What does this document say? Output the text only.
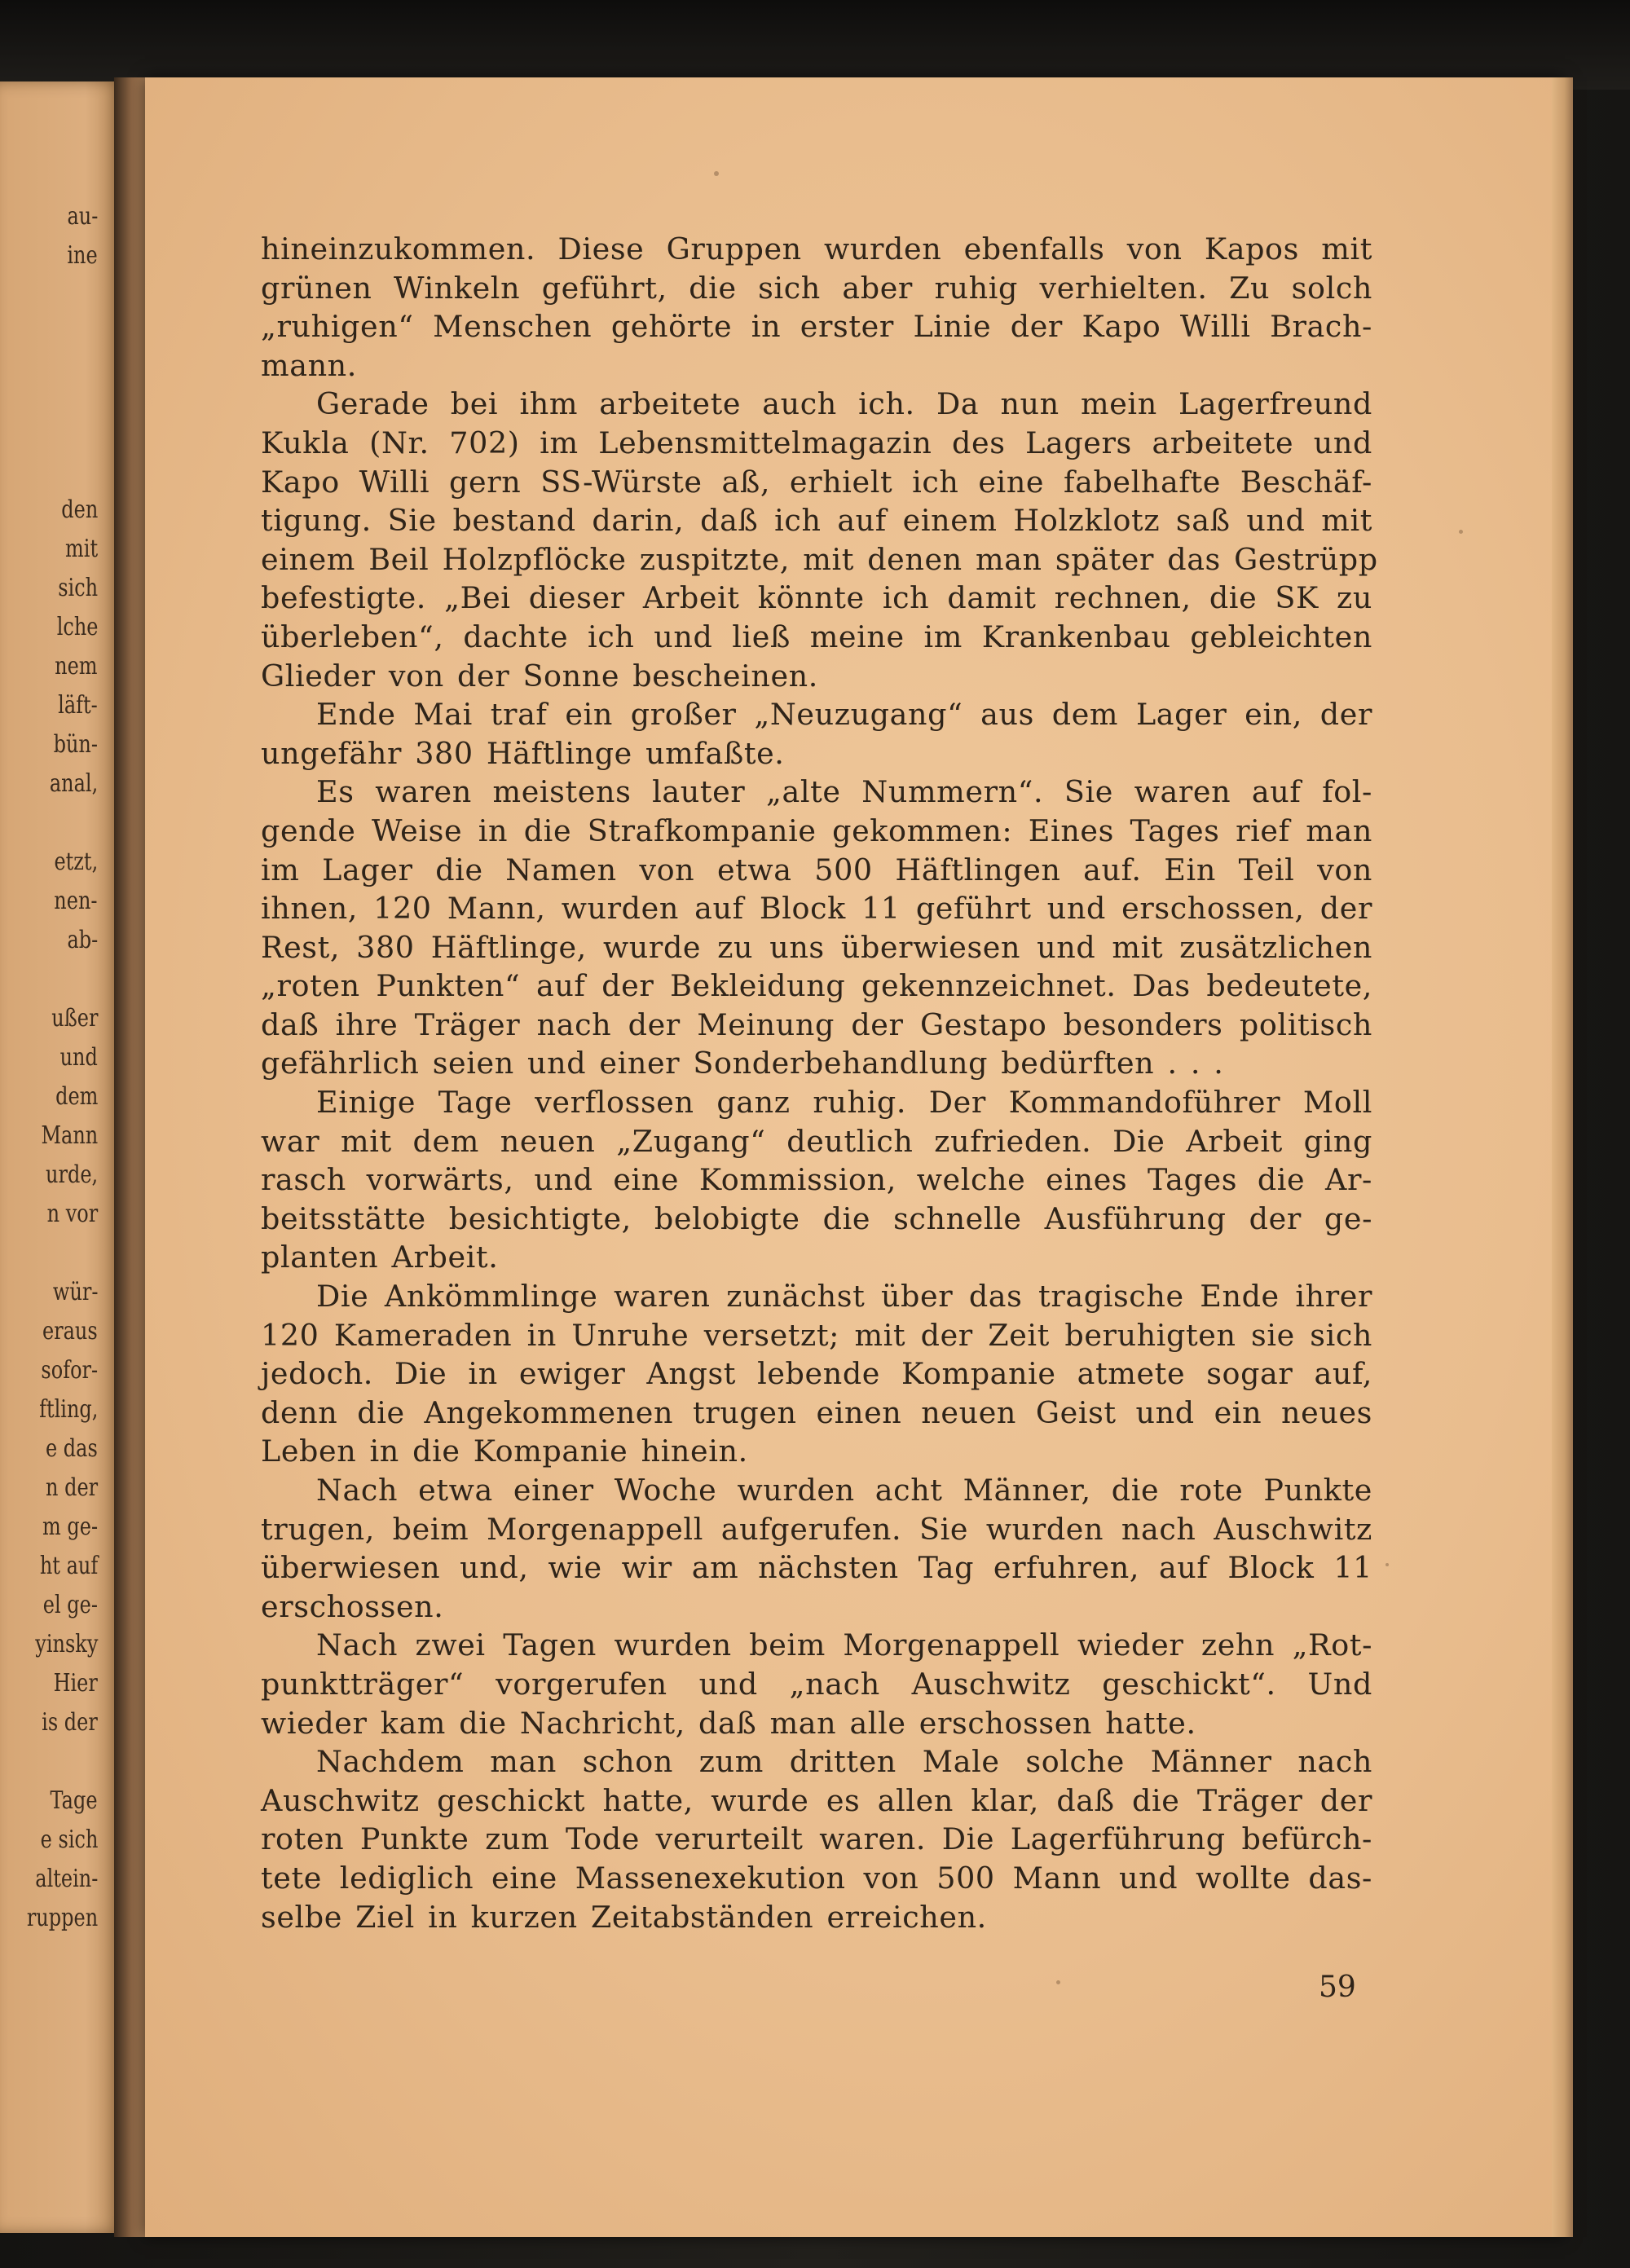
au-
ine
den
mit
sich
lche
nem
läft-
bün-
anal,
etzt,
nen-
ab-
ußer
und
dem
Mann
urde,
n vor
wür-
eraus
sofor-
ftling,
e das
n der
m ge-
ht auf
el ge-
yinsky
Hier
is der
Tage
e sich
altein-
ruppen
hineinzukommen. Diese Gruppen wurden ebenfalls von Kapos mit
grünen Winkeln geführt, die sich aber ruhig verhielten. Zu solch
„ruhigen“ Menschen gehörte in erster Linie der Kapo Willi Brach-
mann.
Gerade bei ihm arbeitete auch ich. Da nun mein Lagerfreund
Kukla (Nr. 702) im Lebensmittelmagazin des Lagers arbeitete und
Kapo Willi gern SS-Würste aß, erhielt ich eine fabelhafte Beschäf-
tigung. Sie bestand darin, daß ich auf einem Holzklotz saß und mit
einem Beil Holzpflöcke zuspitzte, mit denen man später das Gestrüpp
befestigte. „Bei dieser Arbeit könnte ich damit rechnen, die SK zu
überleben“, dachte ich und ließ meine im Krankenbau gebleichten
Glieder von der Sonne bescheinen.
Ende Mai traf ein großer „Neuzugang“ aus dem Lager ein, der
ungefähr 380 Häftlinge umfaßte.
Es waren meistens lauter „alte Nummern“. Sie waren auf fol-
gende Weise in die Strafkompanie gekommen: Eines Tages rief man
im Lager die Namen von etwa 500 Häftlingen auf. Ein Teil von
ihnen, 120 Mann, wurden auf Block 11 geführt und erschossen, der
Rest, 380 Häftlinge, wurde zu uns überwiesen und mit zusätzlichen
„roten Punkten“ auf der Bekleidung gekennzeichnet. Das bedeutete,
daß ihre Träger nach der Meinung der Gestapo besonders politisch
gefährlich seien und einer Sonderbehandlung bedürften . . .
Einige Tage verflossen ganz ruhig. Der Kommandoführer Moll
war mit dem neuen „Zugang“ deutlich zufrieden. Die Arbeit ging
rasch vorwärts, und eine Kommission, welche eines Tages die Ar-
beitsstätte besichtigte, belobigte die schnelle Ausführung der ge-
planten Arbeit.
Die Ankömmlinge waren zunächst über das tragische Ende ihrer
120 Kameraden in Unruhe versetzt; mit der Zeit beruhigten sie sich
jedoch. Die in ewiger Angst lebende Kompanie atmete sogar auf,
denn die Angekommenen trugen einen neuen Geist und ein neues
Leben in die Kompanie hinein.
Nach etwa einer Woche wurden acht Männer, die rote Punkte
trugen, beim Morgenappell aufgerufen. Sie wurden nach Auschwitz
überwiesen und, wie wir am nächsten Tag erfuhren, auf Block 11
erschossen.
Nach zwei Tagen wurden beim Morgenappell wieder zehn „Rot-
punktträger“ vorgerufen und „nach Auschwitz geschickt“. Und
wieder kam die Nachricht, daß man alle erschossen hatte.
Nachdem man schon zum dritten Male solche Männer nach
Auschwitz geschickt hatte, wurde es allen klar, daß die Träger der
roten Punkte zum Tode verurteilt waren. Die Lagerführung befürch-
tete lediglich eine Massenexekution von 500 Mann und wollte das-
selbe Ziel in kurzen Zeitabständen erreichen.
59
